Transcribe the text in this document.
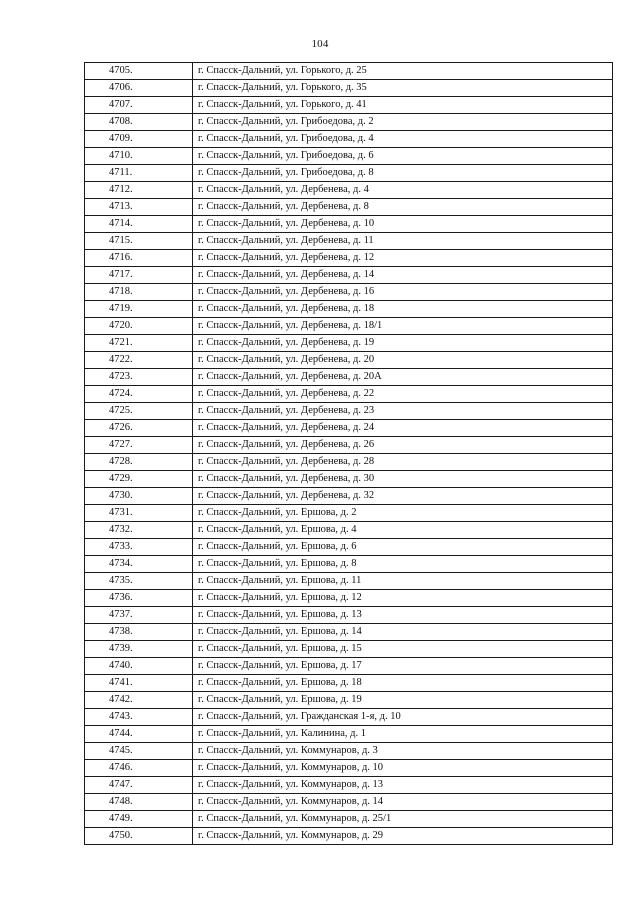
104
4705.	г. Спасск-Дальний, ул. Горького, д. 25
4706.	г. Спасск-Дальний, ул. Горького, д. 35
4707.	г. Спасск-Дальний, ул. Горького, д. 41
4708.	г. Спасск-Дальний, ул. Грибоедова, д. 2
4709.	г. Спасск-Дальний, ул. Грибоедова, д. 4
4710.	г. Спасск-Дальний, ул. Грибоедова, д. 6
4711.	г. Спасск-Дальний, ул. Грибоедова, д. 8
4712.	г. Спасск-Дальний, ул. Дербенева, д. 4
4713.	г. Спасск-Дальний, ул. Дербенева, д. 8
4714.	г. Спасск-Дальний, ул. Дербенева, д. 10
4715.	г. Спасск-Дальний, ул. Дербенева, д. 11
4716.	г. Спасск-Дальний, ул. Дербенева, д. 12
4717.	г. Спасск-Дальний, ул. Дербенева, д. 14
4718.	г. Спасск-Дальний, ул. Дербенева, д. 16
4719.	г. Спасск-Дальний, ул. Дербенева, д. 18
4720.	г. Спасск-Дальний, ул. Дербенева, д. 18/1
4721.	г. Спасск-Дальний, ул. Дербенева, д. 19
4722.	г. Спасск-Дальний, ул. Дербенева, д. 20
4723.	г. Спасск-Дальний, ул. Дербенева, д. 20А
4724.	г. Спасск-Дальний, ул. Дербенева, д. 22
4725.	г. Спасск-Дальний, ул. Дербенева, д. 23
4726.	г. Спасск-Дальний, ул. Дербенева, д. 24
4727.	г. Спасск-Дальний, ул. Дербенева, д. 26
4728.	г. Спасск-Дальний, ул. Дербенева, д. 28
4729.	г. Спасск-Дальний, ул. Дербенева, д. 30
4730.	г. Спасск-Дальний, ул. Дербенева, д. 32
4731.	г. Спасск-Дальний, ул. Ершова, д. 2
4732.	г. Спасск-Дальний, ул. Ершова, д. 4
4733.	г. Спасск-Дальний, ул. Ершова, д. 6
4734.	г. Спасск-Дальний, ул. Ершова, д. 8
4735.	г. Спасск-Дальний, ул. Ершова, д. 11
4736.	г. Спасск-Дальний, ул. Ершова, д. 12
4737.	г. Спасск-Дальний, ул. Ершова, д. 13
4738.	г. Спасск-Дальний, ул. Ершова, д. 14
4739.	г. Спасск-Дальний, ул. Ершова, д. 15
4740.	г. Спасск-Дальний, ул. Ершова, д. 17
4741.	г. Спасск-Дальний, ул. Ершова, д. 18
4742.	г. Спасск-Дальний, ул. Ершова, д. 19
4743.	г. Спасск-Дальний, ул. Гражданская 1-я, д. 10
4744.	г. Спасск-Дальний, ул. Калинина, д. 1
4745.	г. Спасск-Дальний, ул. Коммунаров, д. 3
4746.	г. Спасск-Дальний, ул. Коммунаров, д. 10
4747.	г. Спасск-Дальний, ул. Коммунаров, д. 13
4748.	г. Спасск-Дальний, ул. Коммунаров, д. 14
4749.	г. Спасск-Дальний, ул. Коммунаров, д. 25/1
4750.	г. Спасск-Дальний, ул. Коммунаров, д. 29
